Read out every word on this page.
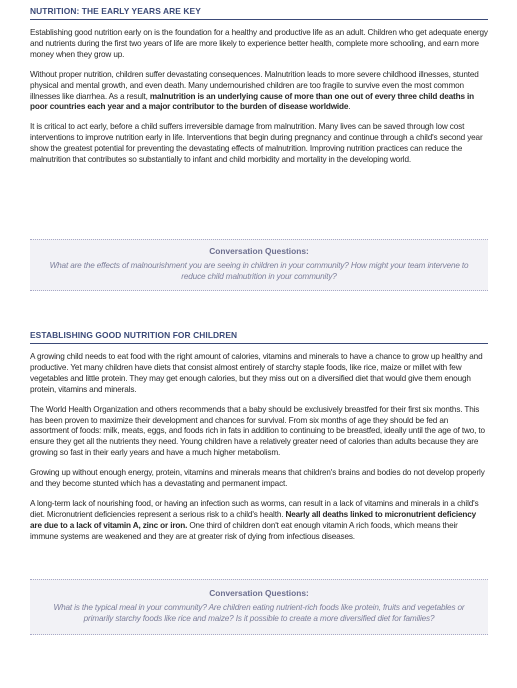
NUTRITION: THE EARLY YEARS ARE KEY

Establishing good nutrition early on is the foundation for a healthy and productive life as an adult. Children who get adequate energy and nutrients during the first two years of life are more likely to experience better health, complete more schooling, and earn more money when they grow up.

Without proper nutrition, children suffer devastating consequences. Malnutrition leads to more severe childhood illnesses, stunted physical and mental growth, and even death. Many undernourished children are too fragile to survive even the most common illnesses like diarrhea. As a result, malnutrition is an underlying cause of more than one out of every three child deaths in poor countries each year and a major contributor to the burden of disease worldwide.

It is critical to act early, before a child suffers irreversible damage from malnutrition. Many lives can be saved through low cost interventions to improve nutrition early in life. Interventions that begin during pregnancy and continue through a child's second year show the greatest potential for preventing the devastating effects of malnutrition. Improving nutrition practices can reduce the malnutrition that contributes so substantially to infant and child morbidity and mortality in the developing world.

Conversation Questions:
What are the effects of malnourishment you are seeing in children in your community? How might your team intervene to reduce child malnutrition in your community?
ESTABLISHING GOOD NUTRITION FOR CHILDREN

A growing child needs to eat food with the right amount of calories, vitamins and minerals to have a chance to grow up healthy and productive. Yet many children have diets that consist almost entirely of starchy staple foods, like rice, maize or millet with few vegetables and little protein. They may get enough calories, but they miss out on a diversified diet that would give them enough protein, vitamins and minerals.

The World Health Organization and others recommends that a baby should be exclusively breastfed for their first six months. This has been proven to maximize their development and chances for survival. From six months of age they should be fed an assortment of foods: milk, meats, eggs, and foods rich in fats in addition to continuing to be breastfed, ideally until the age of two, to ensure they get all the nutrients they need. Young children have a relatively greater need of calories than adults because they are growing so fast in their early years and have a much higher metabolism.

Growing up without enough energy, protein, vitamins and minerals means that children's brains and bodies do not develop properly and they become stunted which has a devastating and permanent impact.

A long-term lack of nourishing food, or having an infection such as worms, can result in a lack of vitamins and minerals in a child's diet. Micronutrient deficiencies represent a serious risk to a child's health. Nearly all deaths linked to micronutrient deficiency are due to a lack of vitamin A, zinc or iron. One third of children don't eat enough vitamin A rich foods, which means their immune systems are weakened and they are at greater risk of dying from infectious diseases.

Conversation Questions:
What is the typical meal in your community? Are children eating nutrient-rich foods like protein, fruits and vegetables or primarily starchy foods like rice and maize? Is it possible to create a more diversified diet for families?
